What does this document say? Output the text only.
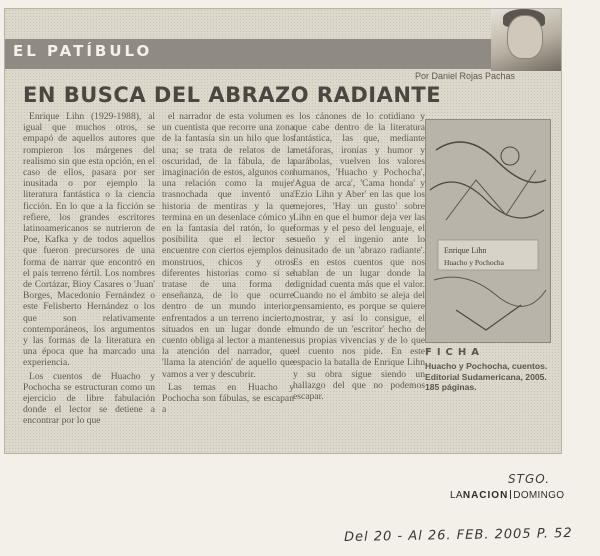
EL PATÍBULO
Por Daniel Rojas Pachas
EN BUSCA DEL ABRAZO RADIANTE

Enrique Lihn (1929-1988), al igual que muchos otros, se empapó de aquellos autores que rompieron los márgenes del realismo sin que esta opción, en el caso de ellos, pasara por ser inusitada o por ejemplo la literatura fantástica o la ciencia ficción. En lo que a la ficción se refiere, los grandes escritores latinoamericanos se nutrieron de Poe, Kafka y de todos aquellos que fueron precursores de una forma de narrar que encontró en el país terreno fértil. Los nombres de Cortázar, Bioy Casares o 'Juan' Borges, Macedonio Fernández o este Felisberto Hernández o los que son relativamente contemporáneos, los argumentos y las formas de la literatura en una época que ha marcado una experiencia.

Los cuentos de Huacho y Pochocha se estructuran como un ejercicio de libre fabulación donde el lector se detiene a encontrar por lo que

el narrador de esta volumen es un cuentista que recorre una zona de la fantasía sin un hilo que los una; se trata de relatos de la oscuridad, de la fábula, de la imaginación de estos, algunos con una relación como la mujer trasnochada que inventó una historia de mentiras y la que termina en un desenlace cómico y en la fantasía del ratón, lo que posibilita que el lector se encuentre con ciertos ejemplos de monstruos, chicos y otros diferentes historias como si se tratase de una forma de enseñanza, de lo que ocurre dentro de un mundo interior, enfrentados a un terreno incierto, situados en un lugar donde el cuento obliga al lector a mantener la atención del narrador, que 'llama la atención' de aquello que vamos a ver y descubrir.

Las temas en Huacho y Pochocha son fábulas, se escapan a

los cánones de lo cotidiano y que cabe dentro de la literatura fantástica, las que, mediante metáforas, ironías y humor y parábolas, vuelven los valores humanos, 'Huacho y Pochocha', 'Agua de arca', 'Cama honda' y 'Ezio Lihn y Aber' en las que los mejores, 'Hay un gusto' sobre Lihn en que el humor deja ver las formas y el peso del lenguaje, el sueño y el ingenio ante lo inusitado de un 'abrazo radiante'. Es en estos cuentos que nos hablan de un lugar donde la dignidad cuenta más que el valor. Cuando no el ámbito se aleja del pensamiento, es porque se quiere mostrar, y así lo consigue, el mundo de un 'escritor' hecho de sus propias vivencias y de lo que el cuento nos pide. En este espacio la batalla de Enrique Lihn y su obra sigue siendo un hallazgo del que no podemos escapar.

Enrique Lihn
Huacho y Pochocha
FICHA
Huacho y Pochocha, cuentos. Editorial Sudamericana, 2005. 185 páginas.
STGO.
LANACION DOMINGO
Del 20 - Al 26. FEB. 2005 P. 52
